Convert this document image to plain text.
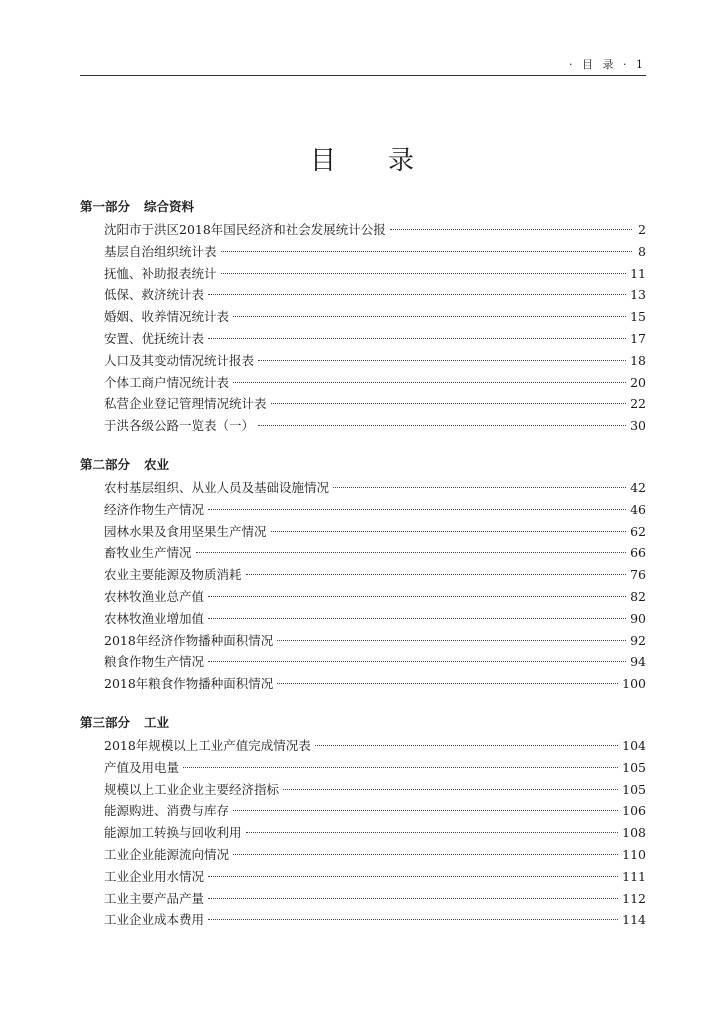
· 目 录 · 1
目录
第一部分 综合资料
沈阳市于洪区2018年国民经济和社会发展统计公报	2
基层自治组织统计表	8
抚恤、补助报表统计	11
低保、救济统计表	13
婚姻、收养情况统计表	15
安置、优抚统计表	17
人口及其变动情况统计报表	18
个体工商户情况统计表	20
私营企业登记管理情况统计表	22
于洪各级公路一览表（一）	30
第二部分 农业
农村基层组织、从业人员及基础设施情况	42
经济作物生产情况	46
园林水果及食用坚果生产情况	62
畜牧业生产情况	66
农业主要能源及物质消耗	76
农林牧渔业总产值	82
农林牧渔业增加值	90
2018年经济作物播种面积情况	92
粮食作物生产情况	94
2018年粮食作物播种面积情况	100
第三部分 工业
2018年规模以上工业产值完成情况表	104
产值及用电量	105
规模以上工业企业主要经济指标	105
能源购进、消费与库存	106
能源加工转换与回收利用	108
工业企业能源流向情况	110
工业企业用水情况	111
工业主要产品产量	112
工业企业成本费用	114
